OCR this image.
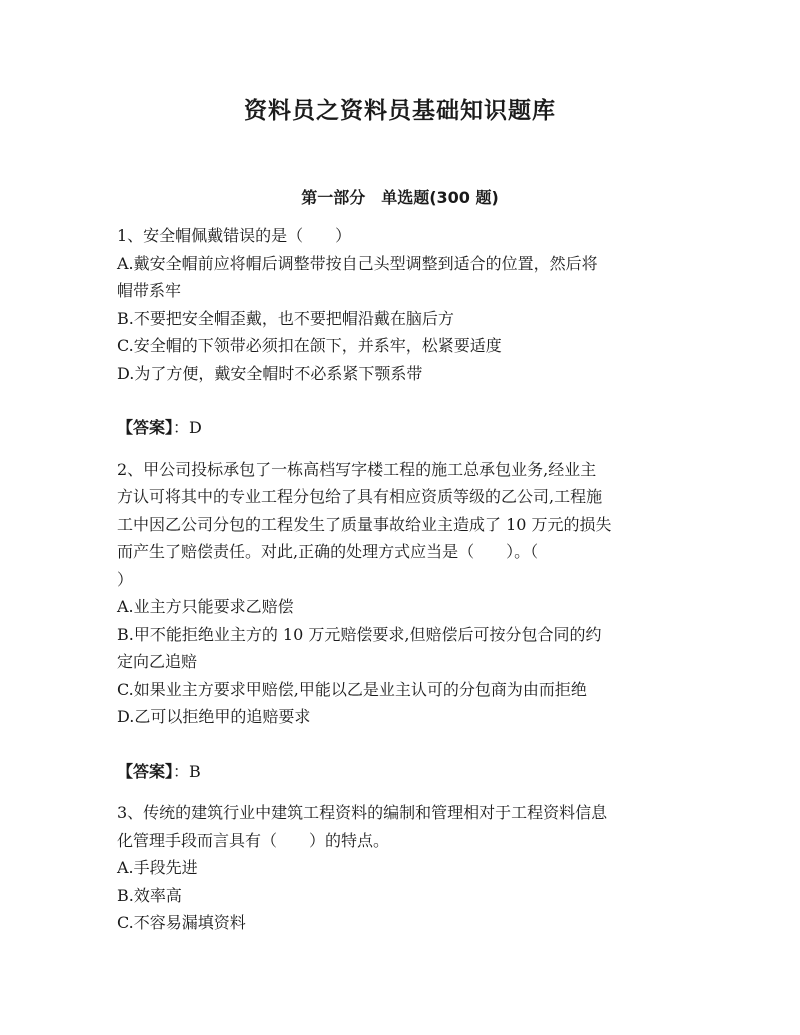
资料员之资料员基础知识题库
第一部分　单选题(300 题)
1、安全帽佩戴错误的是（　　）
A.戴安全帽前应将帽后调整带按自己头型调整到适合的位置，然后将
帽带系牢
B.不要把安全帽歪戴，也不要把帽沿戴在脑后方
C.安全帽的下领带必须扣在颌下，并系牢，松紧要适度
D.为了方便，戴安全帽时不必系紧下颚系带
【答案】：D
2、甲公司投标承包了一栋高档写字楼工程的施工总承包业务,经业主
方认可将其中的专业工程分包给了具有相应资质等级的乙公司,工程施
工中因乙公司分包的工程发生了质量事故给业主造成了 10 万元的损失
而产生了赔偿责任。对此,正确的处理方式应当是（　　）。（
）
A.业主方只能要求乙赔偿
B.甲不能拒绝业主方的 10 万元赔偿要求,但赔偿后可按分包合同的约
定向乙追赔
C.如果业主方要求甲赔偿,甲能以乙是业主认可的分包商为由而拒绝
D.乙可以拒绝甲的追赔要求
【答案】：B
3、传统的建筑行业中建筑工程资料的编制和管理相对于工程资料信息
化管理手段而言具有（　　）的特点。
A.手段先进
B.效率高
C.不容易漏填资料
